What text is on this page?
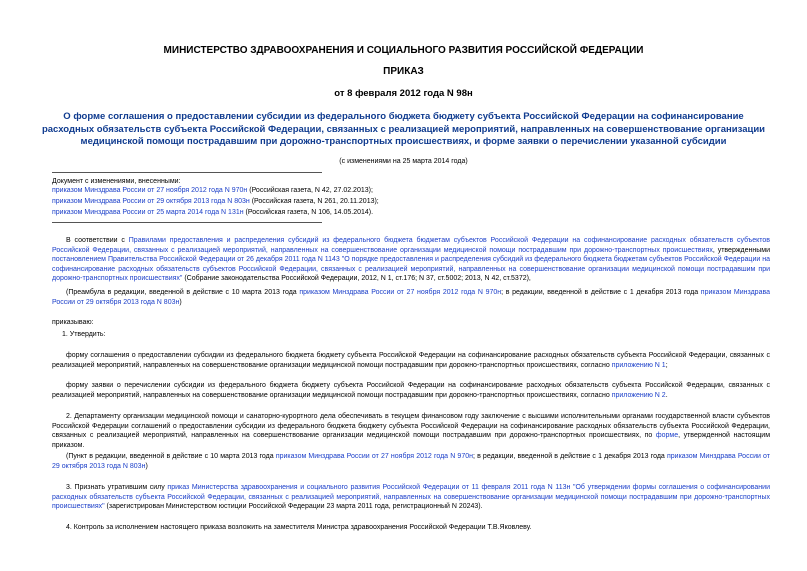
МИНИСТЕРСТВО ЗДРАВООХРАНЕНИЯ И СОЦИАЛЬНОГО РАЗВИТИЯ РОССИЙСКОЙ ФЕДЕРАЦИИ
ПРИКАЗ
от 8 февраля 2012 года N 98н
О форме соглашения о предоставлении субсидии из федерального бюджета бюджету субъекта Российской Федерации на софинансирование расходных обязательств субъекта Российской Федерации, связанных с реализацией мероприятий, направленных на совершенствование организации медицинской помощи пострадавшим при дорожно-транспортных происшествиях, и форме заявки о перечислении указанной субсидии
(с изменениями на 25 марта 2014 года)
Документ с изменениями, внесенными:
приказом Минздрава России от 27 ноября 2012 года N 970н (Российская газета, N 42, 27.02.2013);
приказом Минздрава России от 29 октября 2013 года N 803н (Российская газета, N 261, 20.11.2013);
приказом Минздрава России от 25 марта 2014 года N 131н (Российская газета, N 106, 14.05.2014).
В соответствии с Правилами предоставления и распределения субсидий из федерального бюджета бюджетам субъектов Российской Федерации на софинансирование расходных обязательств субъектов Российской Федерации, связанных с реализацией мероприятий, направленных на совершенствование организации медицинской помощи пострадавшим при дорожно-транспортных происшествиях, утвержденными постановлением Правительства Российской Федерации от 26 декабря 2011 года N 1143 "О порядке предоставления и распределения субсидий из федерального бюджета бюджетам субъектов Российской Федерации на софинансирование расходных обязательств субъектов Российской Федерации, связанных с реализацией мероприятий, направленных на совершенствование организации медицинской помощи пострадавшим при дорожно-транспортных происшествиях" (Собрание законодательства Российской Федерации, 2012, N 1, ст.176; N 37, ст.5002; 2013, N 42, ст.5372),
(Преамбула в редакции, введенной в действие с 10 марта 2013 года приказом Минздрава России от 27 ноября 2012 года N 970н; в редакции, введенной в действие с 1 декабря 2013 года приказом Минздрава России от 29 октября 2013 года N 803н)
приказываю:
1. Утвердить:
форму соглашения о предоставлении субсидии из федерального бюджета бюджету субъекта Российской Федерации на софинансирование расходных обязательств субъекта Российской Федерации, связанных с реализацией мероприятий, направленных на совершенствование организации медицинской помощи пострадавшим при дорожно-транспортных происшествиях, согласно приложению N 1;
форму заявки о перечислении субсидии из федерального бюджета бюджету субъекта Российской Федерации на софинансирование расходных обязательств субъекта Российской Федерации, связанных с реализацией мероприятий, направленных на совершенствование организации медицинской помощи пострадавшим при дорожно-транспортных происшествиях, согласно приложению N 2.
2. Департаменту организации медицинской помощи и санаторно-курортного дела обеспечивать в текущем финансовом году заключение с высшими исполнительными органами государственной власти субъектов Российской Федерации соглашений о предоставлении субсидии из федерального бюджета бюджету субъекта Российской Федерации на софинансирование расходных обязательств субъекта Российской Федерации, связанных с реализацией мероприятий, направленных на совершенствование организации медицинской помощи пострадавшим при дорожно-транспортных происшествиях, по форме, утвержденной настоящим приказом.
(Пункт в редакции, введенной в действие с 10 марта 2013 года приказом Минздрава России от 27 ноября 2012 года N 970н; в редакции, введенной в действие с 1 декабря 2013 года приказом Минздрава России от 29 октября 2013 года N 803н)
3. Признать утратившим силу приказ Министерства здравоохранения и социального развития Российской Федерации от 11 февраля 2011 года N 113н "Об утверждении формы соглашения о софинансировании расходных обязательств субъекта Российской Федерации, связанных с реализацией мероприятий, направленных на совершенствование организации медицинской помощи пострадавшим при дорожно-транспортных происшествиях" (зарегистрирован Министерством юстиции Российской Федерации 23 марта 2011 года, регистрационный N 20243).
4. Контроль за исполнением настоящего приказа возложить на заместителя Министра здравоохранения Российской Федерации Т.В.Яковлеву.
